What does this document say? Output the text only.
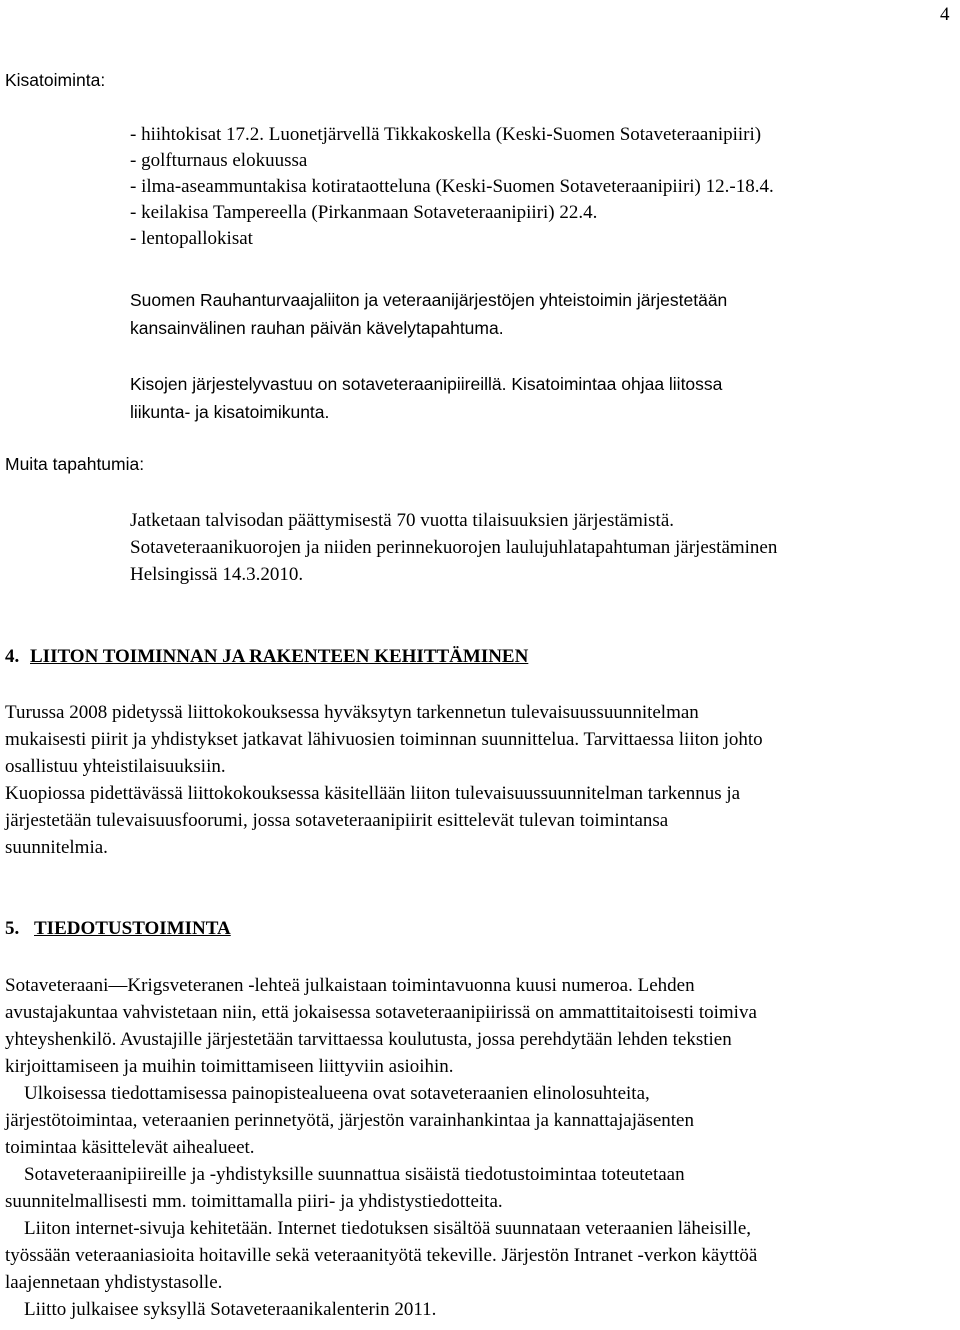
4
Kisatoiminta:
- hiihtokisat 17.2. Luonetjärvellä Tikkakoskella (Keski-Suomen Sotaveteraanipiiri)
- golfturnaus elokuussa
- ilma-aseammuntakisa kotirataotteluna (Keski-Suomen Sotaveteraanipiiri) 12.-18.4.
- keilakisa Tampereella (Pirkanmaan Sotaveteraanipiiri) 22.4.
- lentopallokisat
Suomen Rauhanturvaajaliiton ja veteraanijärjestöjen yhteistoimin järjestetään
kansainvälinen rauhan päivän kävelytapahtuma.
Kisojen järjestelyvastuu on sotaveteraanipiireillä. Kisatoimintaa ohjaa liitossa
liikunta- ja kisatoimikunta.
Muita tapahtumia:
Jatketaan talvisodan päättymisestä 70 vuotta tilaisuuksien järjestämistä.
Sotaveteraanikuorojen ja niiden perinnekuorojen laulujuhlatapahtuman järjestäminen
Helsingissä 14.3.2010.
4. LIITON TOIMINNAN JA RAKENTEEN KEHITTÄMINEN
Turussa 2008 pidetyssä liittokokouksessa hyväksytyn tarkennetun tulevaisuussuunnitelman
mukaisesti piirit ja yhdistykset jatkavat lähivuosien toiminnan suunnittelua. Tarvittaessa liiton johto
osallistuu yhteistilaisuuksiin.
Kuopiossa pidettävässä liittokokouksessa käsitellään liiton tulevaisuussuunnitelman tarkennus ja
järjestetään tulevaisuusfoorumi, jossa sotaveteraanipiirit esittelevät tulevan toimintansa
suunnitelmia.
5. TIEDOTUSTOIMINTA
Sotaveteraani—Krigsveteranen -lehteä julkaistaan toimintavuonna kuusi numeroa. Lehden
avustajakuntaa vahvistetaan niin, että jokaisessa sotaveteraanipiirissä on ammattitaitoisesti toimiva
yhteyshenkilö. Avustajille järjestetään tarvittaessa koulutusta, jossa perehdytään lehden tekstien
kirjoittamiseen ja muihin toimittamiseen liittyviin asioihin.
Ulkoisessa tiedottamisessa painopistealueena ovat sotaveteraanien elinolosuhteita,
järjestötoimintaa, veteraanien perinnetyötä, järjestön varainhankintaa ja kannattajajäsenten
toimintaa käsittelevät aihealueet.
Sotaveteraanipiireille ja -yhdistyksille suunnattua sisäistä tiedotustoimintaa toteutetaan
suunnitelmallisesti mm. toimittamalla piiri- ja yhdistystiedotteita.
Liiton internet-sivuja kehitetään. Internet tiedotuksen sisältöä suunnataan veteraanien läheisille,
työssään veteraaniasioita hoitaville sekä veteraanityötä tekeville. Järjestön Intranet -verkon käyttöä
laajennetaan yhdistystasolle.
Liitto julkaisee syksyllä Sotaveteraanikalenterin 2011.
